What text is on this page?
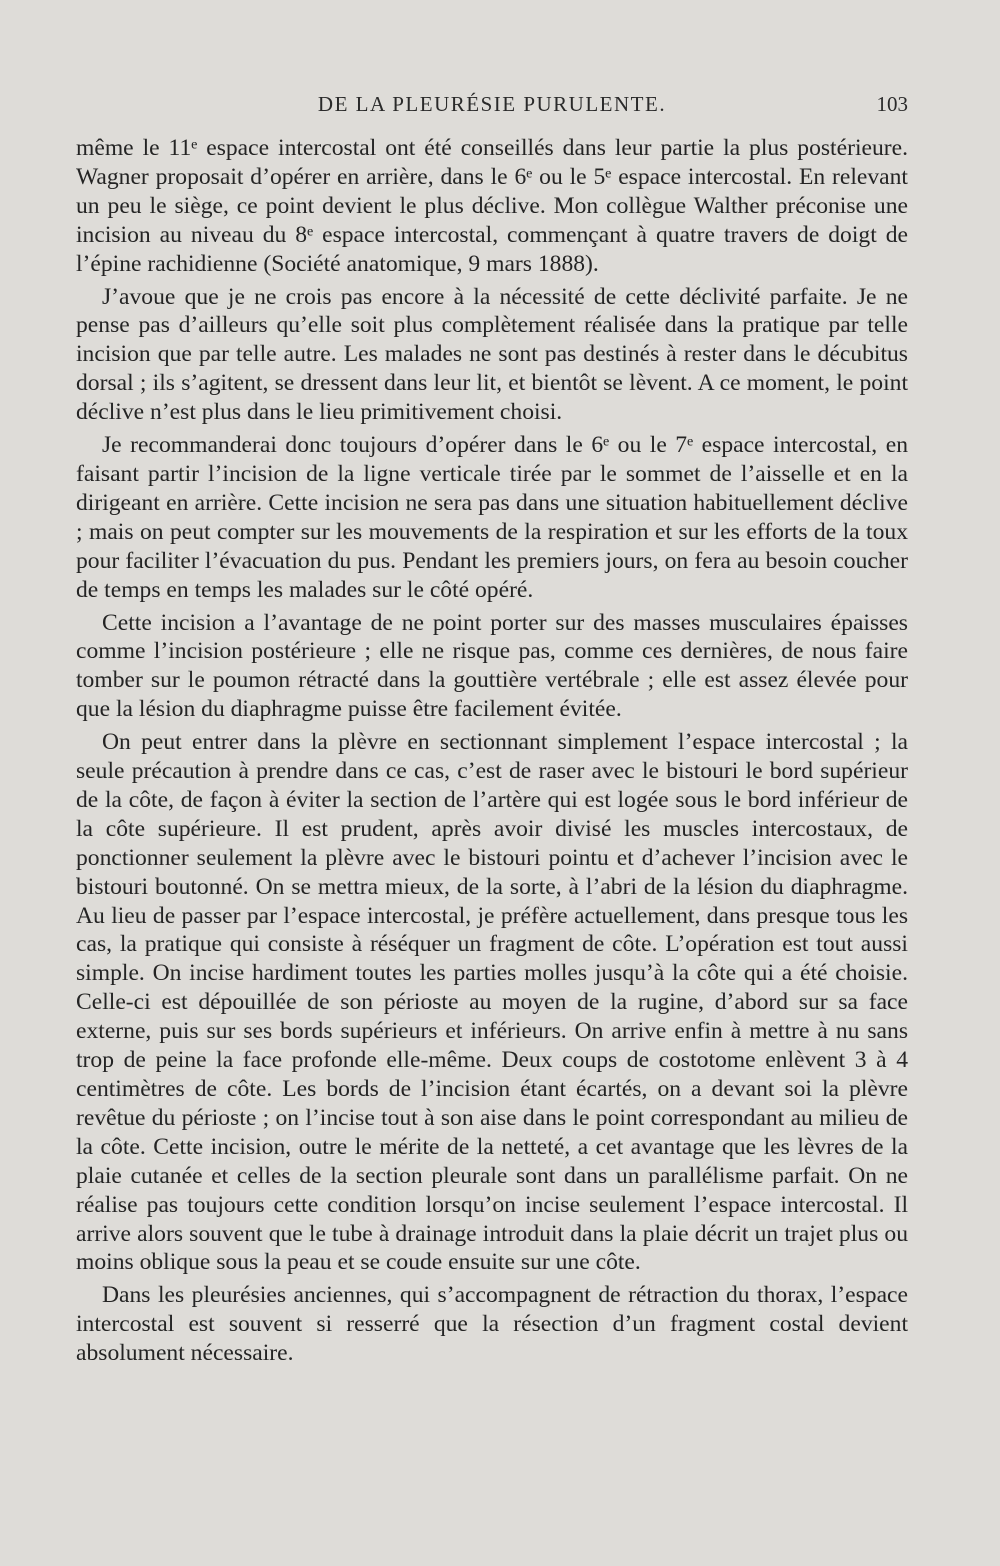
DE LA PLEURÉSIE PURULENTE.	103

même le 11ᵉ espace intercostal ont été conseillés dans leur partie la plus postérieure. Wagner proposait d’opérer en arrière, dans le 6ᵉ ou le 5ᵉ espace intercostal. En relevant un peu le siège, ce point devient le plus déclive. Mon collègue Walther préconise une incision au niveau du 8ᵉ espace intercostal, commençant à quatre travers de doigt de l’épine rachidienne (Société anatomique, 9 mars 1888).

J’avoue que je ne crois pas encore à la nécessité de cette déclivité parfaite. Je ne pense pas d’ailleurs qu’elle soit plus complètement réalisée dans la pratique par telle incision que par telle autre. Les malades ne sont pas destinés à rester dans le décubitus dorsal ; ils s’agitent, se dressent dans leur lit, et bientôt se lèvent. A ce moment, le point déclive n’est plus dans le lieu primitivement choisi.

Je recommanderai donc toujours d’opérer dans le 6ᵉ ou le 7ᵉ espace intercostal, en faisant partir l’incision de la ligne verticale tirée par le sommet de l’aisselle et en la dirigeant en arrière. Cette incision ne sera pas dans une situation habituellement déclive ; mais on peut compter sur les mouvements de la respiration et sur les efforts de la toux pour faciliter l’évacuation du pus. Pendant les premiers jours, on fera au besoin coucher de temps en temps les malades sur le côté opéré.

Cette incision a l’avantage de ne point porter sur des masses musculaires épaisses comme l’incision postérieure ; elle ne risque pas, comme ces dernières, de nous faire tomber sur le poumon rétracté dans la gouttière vertébrale ; elle est assez élevée pour que la lésion du diaphragme puisse être facilement évitée.

On peut entrer dans la plèvre en sectionnant simplement l’espace intercostal ; la seule précaution à prendre dans ce cas, c’est de raser avec le bistouri le bord supérieur de la côte, de façon à éviter la section de l’artère qui est logée sous le bord inférieur de la côte supérieure. Il est prudent, après avoir divisé les muscles intercostaux, de ponctionner seulement la plèvre avec le bistouri pointu et d’achever l’incision avec le bistouri boutonné. On se mettra mieux, de la sorte, à l’abri de la lésion du diaphragme. Au lieu de passer par l’espace intercostal, je préfère actuellement, dans presque tous les cas, la pratique qui consiste à réséquer un fragment de côte. L’opération est tout aussi simple. On incise hardiment toutes les parties molles jusqu’à la côte qui a été choisie. Celle-ci est dépouillée de son périoste au moyen de la rugine, d’abord sur sa face externe, puis sur ses bords supérieurs et inférieurs. On arrive enfin à mettre à nu sans trop de peine la face profonde elle-même. Deux coups de costotome enlèvent 3 à 4 centimètres de côte. Les bords de l’incision étant écartés, on a devant soi la plèvre revêtue du périoste ; on l’incise tout à son aise dans le point correspondant au milieu de la côte. Cette incision, outre le mérite de la netteté, a cet avantage que les lèvres de la plaie cutanée et celles de la section pleurale sont dans un parallélisme parfait. On ne réalise pas toujours cette condition lorsqu’on incise seulement l’espace intercostal. Il arrive alors souvent que le tube à drainage introduit dans la plaie décrit un trajet plus ou moins oblique sous la peau et se coude ensuite sur une côte.

Dans les pleurésies anciennes, qui s’accompagnent de rétraction du thorax, l’espace intercostal est souvent si resserré que la résection d’un fragment costal devient absolument nécessaire.
